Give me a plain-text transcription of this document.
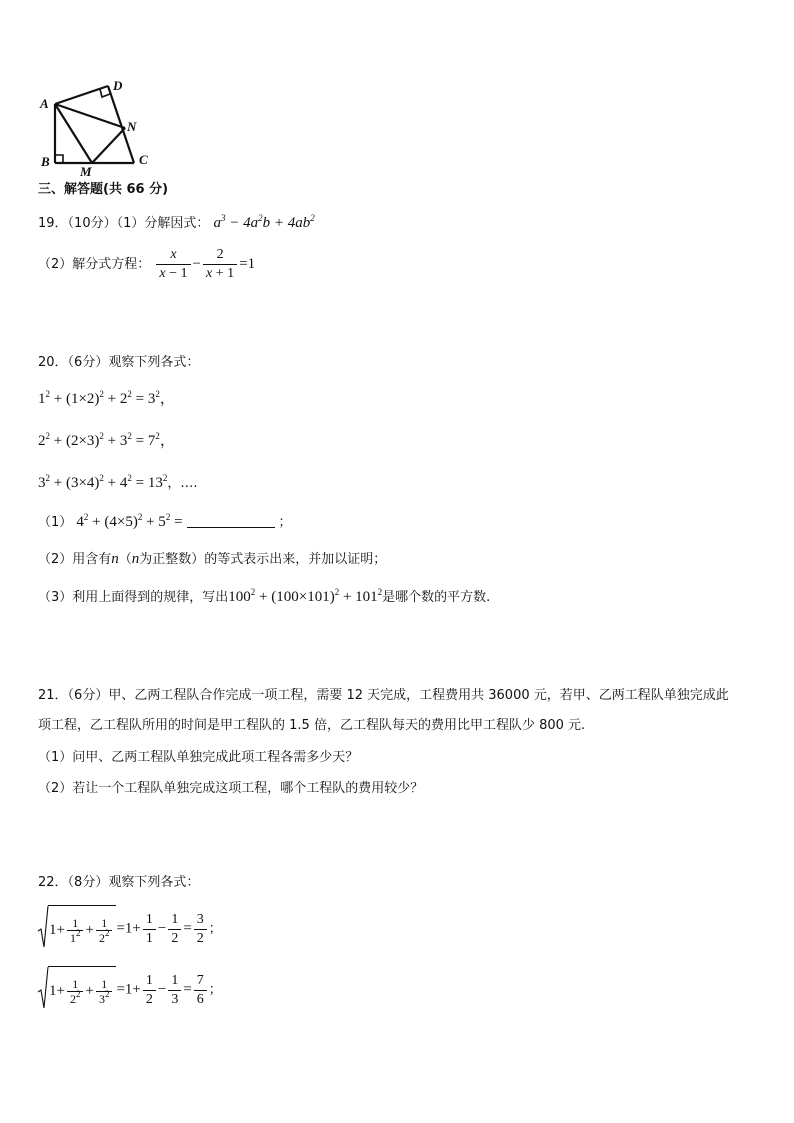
A
D
N
B	C
M
三、解答题(共 66 分)
19．（10分）（1）分解因式： $a^3 - 4a^2b + 4ab^2$
（2）解分式方程： $\frac{x}{x - 1} - \frac{2}{x + 1} =1$
20．（6分）观察下列各式：
$1^2 + (1\times 2)^2 + 2^2 = 3^2$，
$2^2 + (2\times 3)^2 + 3^2 = 7^2$，
$3^2 + (3\times 4)^2 + 4^2 = 13^2$，….
（1） $4^2 + (4\times 5)^2 + 5^2$ =	；
（2）用含有n（n为正整数）的等式表示出来，并加以证明；
（3）利用上面得到的规律，写出$100^2 + (100\times 101)^2 + 101^2$是哪个数的平方数.
21．（6分）甲、乙两工程队合作完成一项工程，需要 12 天完成，工程费用共 36000 元，若甲、乙两工程队单独完成此
项工程，乙工程队所用的时间是甲工程队的 1.5 倍，乙工程队每天的费用比甲工程队少 800 元.
（1）问甲、乙两工程队单独完成此项工程各需多少天？
（2）若让一个工程队单独完成这项工程，哪个工程队的费用较少？
22．（8分）观察下列各式：
$1+ \frac{1}{1^2} + \frac{1}{2^2} =1+ \frac{1}{1} - \frac{1}{2} = \frac{3}{2}$ ；
$1+ \frac{1}{2^2} + \frac{1}{3^2} =1+ \frac{1}{2} - \frac{1}{3} = \frac{7}{6}$ ；
